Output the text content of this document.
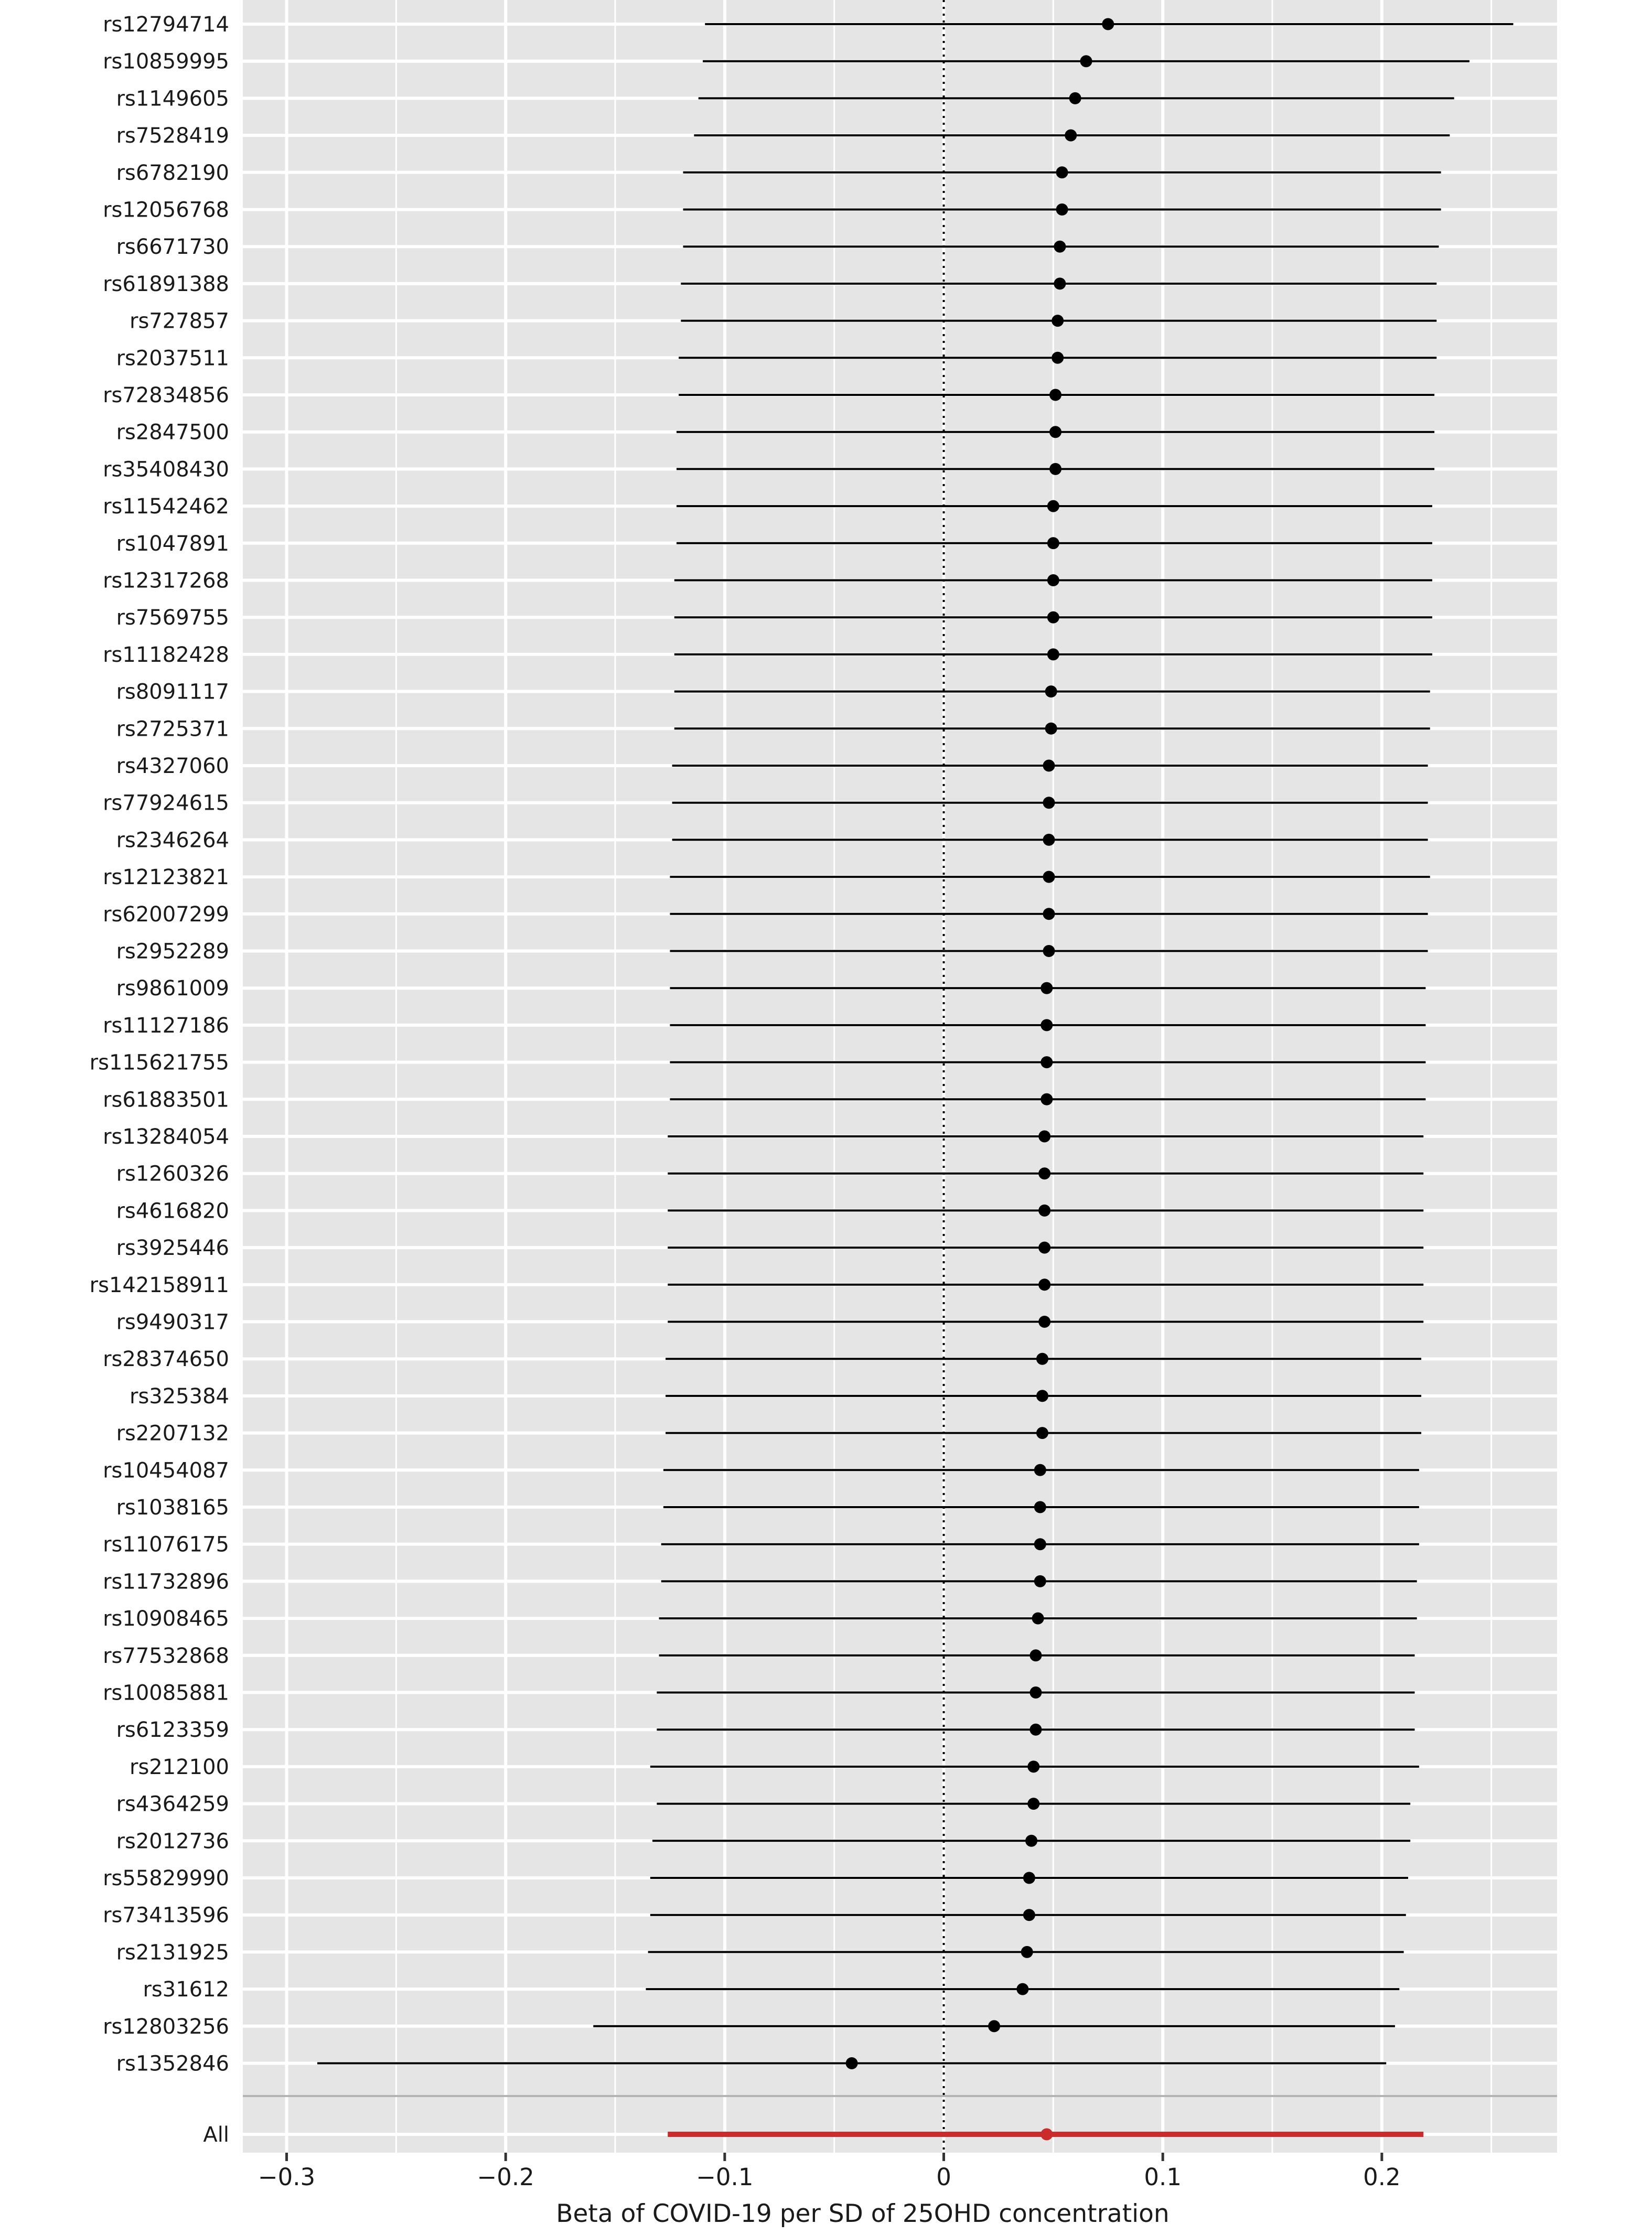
rs12794714
rs10859995
rs1149605
rs7528419
rs6782190
rs12056768
rs6671730
rs61891388
rs727857
rs2037511
rs72834856
rs2847500
rs35408430
rs11542462
rs1047891
rs12317268
rs7569755
rs11182428
rs8091117
rs2725371
rs4327060
rs77924615
rs2346264
rs12123821
rs62007299
rs2952289
rs9861009
rs11127186
rs115621755
rs61883501
rs13284054
rs1260326
rs4616820
rs3925446
rs142158911
rs9490317
rs28374650
rs325384
rs2207132
rs10454087
rs1038165
rs11076175
rs11732896
rs10908465
rs77532868
rs10085881
rs6123359
rs212100
rs4364259
rs2012736
rs55829990
rs73413596
rs2131925
rs31612
rs12803256
rs1352846
All
−0.3	−0.2	−0.1	0	0.1	0.2
Beta of COVID-19 per SD of 25OHD concentration
